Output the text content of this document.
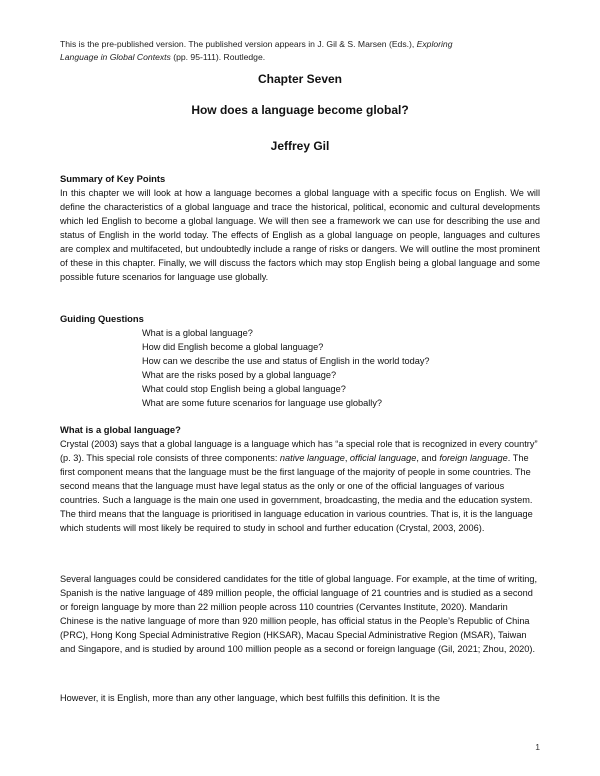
This is the pre-published version. The published version appears in J. Gil & S. Marsen (Eds.), Exploring
Language in Global Contexts (pp. 95-111). Routledge.
Chapter Seven
How does a language become global?
Jeffrey Gil
Summary of Key Points
In this chapter we will look at how a language becomes a global language with a specific focus on English. We will define the characteristics of a global language and trace the historical, political, economic and cultural developments which led English to become a global language. We will then see a framework we can use for describing the use and status of English in the world today. The effects of English as a global language on people, languages and cultures are complex and multifaceted, but undoubtedly include a range of risks or dangers. We will outline the most prominent of these in this chapter. Finally, we will discuss the factors which may stop English being a global language and some possible future scenarios for language use globally.
Guiding Questions
What is a global language?
How did English become a global language?
How can we describe the use and status of English in the world today?
What are the risks posed by a global language?
What could stop English being a global language?
What are some future scenarios for language use globally?
What is a global language?
Crystal (2003) says that a global language is a language which has “a special role that is recognized in every country” (p. 3). This special role consists of three components: native language, official language, and foreign language. The first component means that the language must be the first language of the majority of people in some countries. The second means that the language must have legal status as the only or one of the official languages of various countries. Such a language is the main one used in government, broadcasting, the media and the education system. The third means that the language is prioritised in language education in various countries. That is, it is the language which students will most likely be required to study in school and further education (Crystal, 2003, 2006).
Several languages could be considered candidates for the title of global language. For example, at the time of writing, Spanish is the native language of 489 million people, the official language of 21 countries and is studied as a second or foreign language by more than 22 million people across 110 countries (Cervantes Institute, 2020). Mandarin Chinese is the native language of more than 920 million people, has official status in the People’s Republic of China (PRC), Hong Kong Special Administrative Region (HKSAR), Macau Special Administrative Region (MSAR), Taiwan and Singapore, and is studied by around 100 million people as a second or foreign language (Gil, 2021; Zhou, 2020).
However, it is English, more than any other language, which best fulfills this definition. It is the
1
